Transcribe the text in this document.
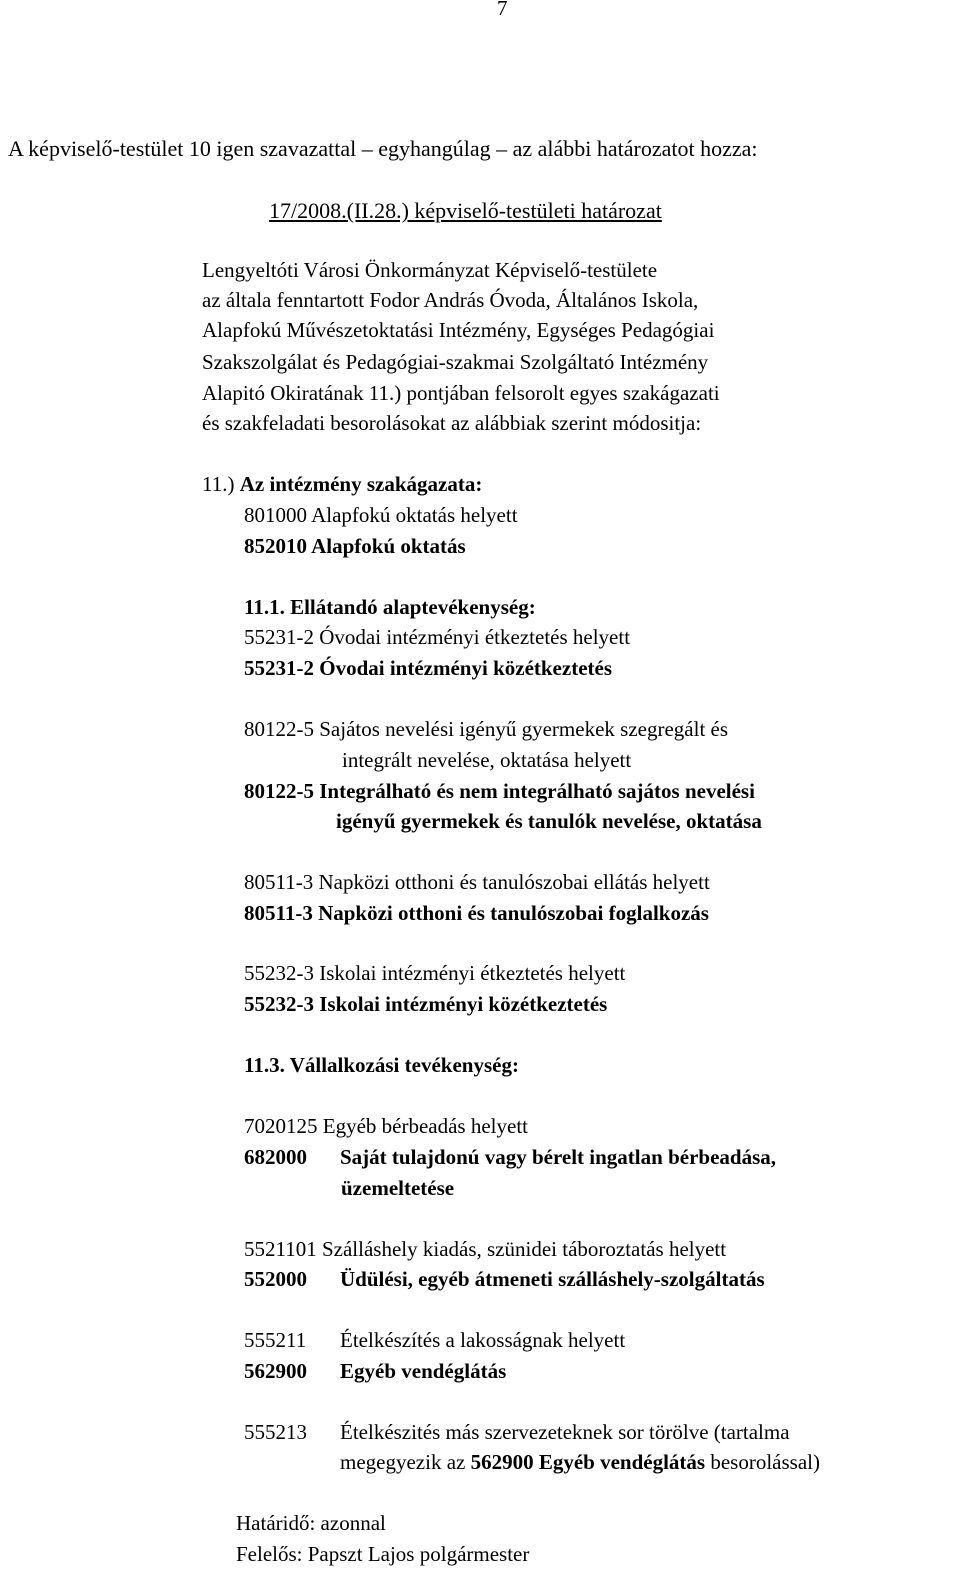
7
A képviselő-testület 10 igen szavazattal – egyhangúlag – az alábbi határozatot hozza:
17/2008.(II.28.) képviselő-testületi határozat
Lengyeltóti Városi Önkormányzat Képviselő-testülete
az általa fenntartott Fodor András Óvoda, Általános Iskola,
Alapfokú Művészetoktatási Intézmény, Egységes Pedagógiai
Szakszolgálat és Pedagógiai-szakmai Szolgáltató Intézmény
Alapitó Okiratának 11.) pontjában felsorolt egyes szakágazati
és szakfeladati besorolásokat az alábbiak szerint módositja:
11.) Az intézmény szakágazata:
801000 Alapfokú oktatás helyett
852010 Alapfokú oktatás
11.1. Ellátandó alaptevékenység:
55231-2 Óvodai intézményi étkeztetés helyett
55231-2 Óvodai intézményi közétkeztetés
80122-5 Sajátos nevelési igényű gyermekek szegregált és
integrált nevelése, oktatása helyett
80122-5 Integrálható és nem integrálható sajátos nevelési
igényű gyermekek és tanulók nevelése, oktatása
80511-3 Napközi otthoni és tanulószobai ellátás helyett
80511-3 Napközi otthoni és tanulószobai foglalkozás
55232-3 Iskolai intézményi étkeztetés helyett
55232-3 Iskolai intézményi közétkeztetés
11.3. Vállalkozási tevékenység:
7020125 Egyéb bérbeadás helyett
682000 Saját tulajdonú vagy bérelt ingatlan bérbeadása,
üzemeltetése
5521101 Szálláshely kiadás, szünidei táboroztatás helyett
552000 Üdülési, egyéb átmeneti szálláshely-szolgáltatás
555211 Ételkészítés a lakosságnak helyett
562900 Egyéb vendéglátás
555213 Ételkészités más szervezeteknek sor törölve (tartalma
megegyezik az 562900 Egyéb vendéglátás besorolással)
Határidő: azonnal
Felelős: Papszt Lajos polgármester
